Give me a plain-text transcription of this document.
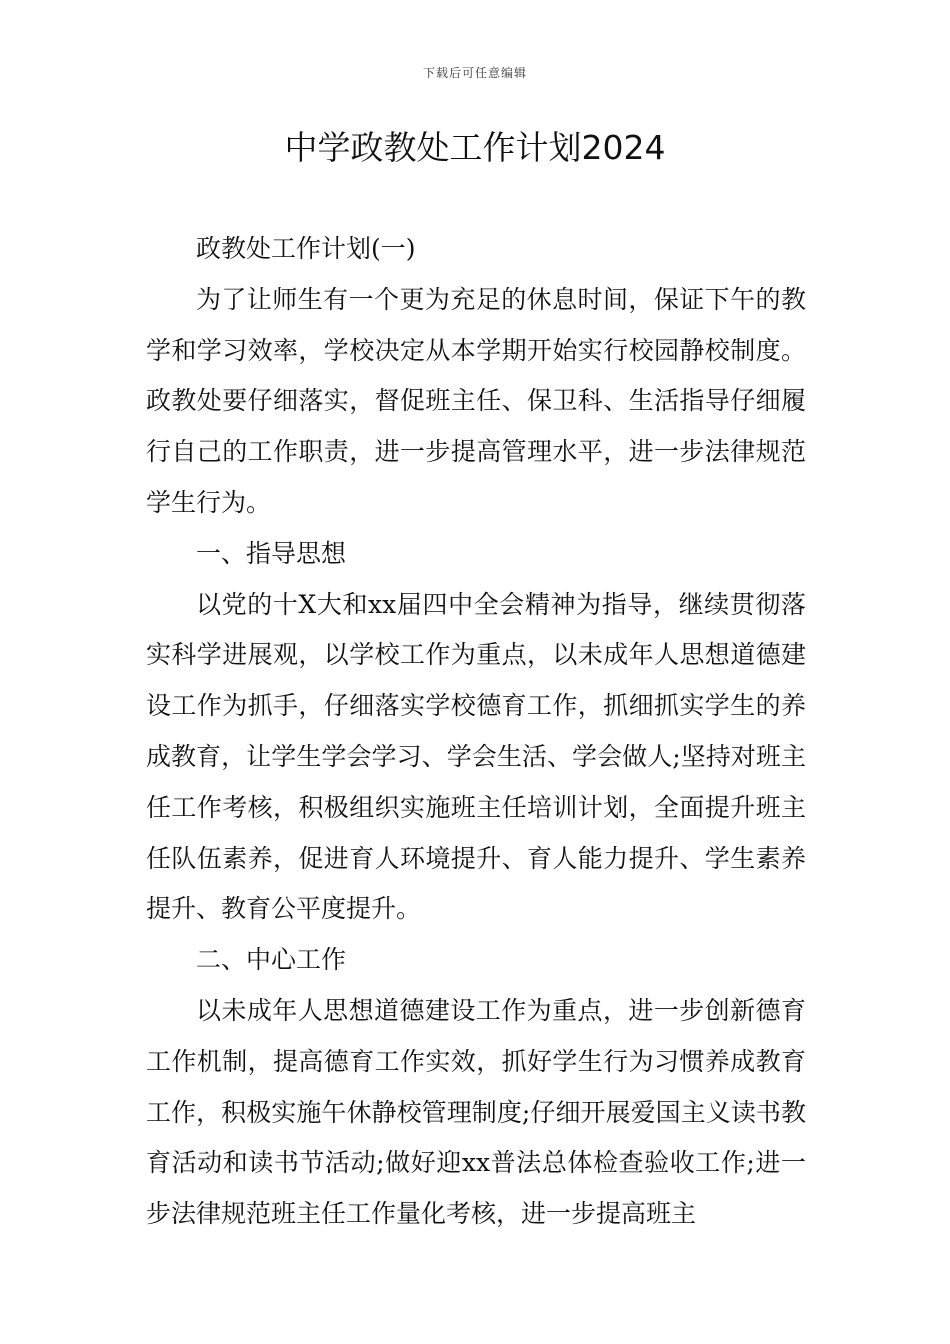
下载后可任意编辑
中学政教处工作计划2024

政教处工作计划(一)

为了让师生有一个更为充足的休息时间，保证下午的教学和学习效率，学校决定从本学期开始实行校园静校制度。政教处要仔细落实，督促班主任、保卫科、生活指导仔细履行自己的工作职责，进一步提高管理水平，进一步法律规范学生行为。

一、指导思想

以党的十Ⅹ大和xx届四中全会精神为指导，继续贯彻落实科学进展观，以学校工作为重点，以未成年人思想道德建设工作为抓手，仔细落实学校德育工作，抓细抓实学生的养成教育，让学生学会学习、学会生活、学会做人;坚持对班主任工作考核，积极组织实施班主任培训计划，全面提升班主任队伍素养，促进育人环境提升、育人能力提升、学生素养提升、教育公平度提升。

二、中心工作

以未成年人思想道德建设工作为重点，进一步创新德育工作机制，提高德育工作实效，抓好学生行为习惯养成教育工作，积极实施午休静校管理制度;仔细开展爱国主义读书教育活动和读书节活动;做好迎xx普法总体检查验收工作;进一步法律规范班主任工作量化考核，进一步提高班主
